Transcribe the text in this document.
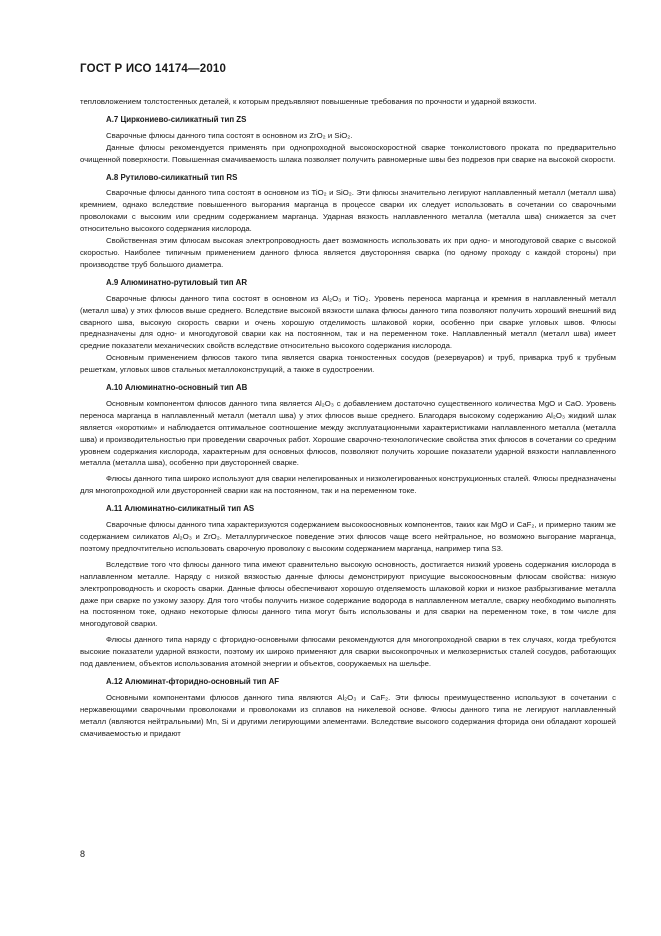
ГОСТ Р ИСО 14174—2010

тепловложением толстостенных деталей, к которым предъявляют повышенные требования по прочности и ударной вязкости.

А.7 Циркониево-силикатный тип ZS

Сварочные флюсы данного типа состоят в основном из ZrO₂ и SiO₂.

Данные флюсы рекомендуется применять при однопроходной высокоскоростной сварке тонколистового проката по предварительно очищенной поверхности. Повышенная смачиваемость шлака позволяет получить равномерные швы без подрезов при сварке на высокой скорости.

А.8 Рутилово-силикатный тип RS

Сварочные флюсы данного типа состоят в основном из TiO₂ и SiO₂. Эти флюсы значительно легируют наплавленный металл (металл шва) кремнием, однако вследствие повышенного выгорания марганца в процессе сварки их следует использовать в сочетании со сварочными проволоками с высоким или средним содержанием марганца. Ударная вязкость наплавленного металла (металла шва) снижается за счет относительно высокого содержания кислорода.

Свойственная этим флюсам высокая электропроводность дает возможность использовать их при одно- и многодуговой сварке с высокой скоростью. Наиболее типичным применением данного флюса является двусторонняя сварка (по одному проходу с каждой стороны) при производстве труб большого диаметра.

А.9 Алюминатно-рутиловый тип AR

Сварочные флюсы данного типа состоят в основном из Al₂O₃ и TiO₂. Уровень переноса марганца и кремния в наплавленный металл (металл шва) у этих флюсов выше среднего. Вследствие высокой вязкости шлака флюсы данного типа позволяют получить хороший внешний вид сварного шва, высокую скорость сварки и очень хорошую отделимость шлаковой корки, особенно при сварке угловых швов. Флюсы предназначены для одно- и многодуговой сварки как на постоянном, так и на переменном токе. Наплавленный металл (металл шва) имеет средние показатели механических свойств вследствие относительно высокого содержания кислорода.

Основным применением флюсов такого типа является сварка тонкостенных сосудов (резервуаров) и труб, приварка труб к трубным решеткам, угловых швов стальных металлоконструкций, а также в судостроении.

А.10 Алюминатно-основный тип АВ

Основным компонентом флюсов данного типа является Al₂O₃ с добавлением достаточно существенного количества MgO и CaO. Уровень переноса марганца в наплавленный металл (металл шва) у этих флюсов выше среднего. Благодаря высокому содержанию Al₂O₃ жидкий шлак является «коротким» и наблюдается оптимальное соотношение между эксплуатационными характеристиками наплавленного металла (металла шва) и производительностью при проведении сварочных работ. Хорошие сварочно-технологические свойства этих флюсов в сочетании со средним уровнем содержания кислорода, характерным для основных флюсов, позволяют получить хорошие показатели ударной вязкости наплавленного металла (металла шва), особенно при двусторонней сварке.

Флюсы данного типа широко используют для сварки нелегированных и низколегированных конструкционных сталей. Флюсы предназначены для многопроходной или двусторонней сварки как на постоянном, так и на переменном токе.

А.11 Алюминатно-силикатный тип AS

Сварочные флюсы данного типа характеризуются содержанием высокоосновных компонентов, таких как MgO и CaF₂, и примерно таким же содержанием силикатов Al₂O₃ и ZrO₂. Металлургическое поведение этих флюсов чаще всего нейтральное, но возможно выгорание марганца, поэтому предпочтительно использовать сварочную проволоку с высоким содержанием марганца, например типа S3.

Вследствие того что флюсы данного типа имеют сравнительно высокую основность, достигается низкий уровень содержания кислорода в наплавленном металле. Наряду с низкой вязкостью данные флюсы демонстрируют присущие высокоосновным флюсам свойства: низкую электропроводность и скорость сварки. Данные флюсы обеспечивают хорошую отделяемость шлаковой корки и низкое разбрызгивание металла даже при сварке по узкому зазору. Для того чтобы получить низкое содержание водорода в наплавленном металле, сварку необходимо выполнять на постоянном токе, однако некоторые флюсы данного типа могут быть использованы и для сварки на переменном токе, в том числе для многодуговой сварки.

Флюсы данного типа наряду с фторидно-основными флюсами рекомендуются для многопроходной сварки в тех случаях, когда требуются высокие показатели ударной вязкости, поэтому их широко применяют для сварки высокопрочных и мелкозернистых сталей сосудов, работающих под давлением, объектов использования атомной энергии и объектов, сооружаемых на шельфе.

А.12 Алюминат-фторидно-основный тип AF

Основными компонентами флюсов данного типа являются Al₂O₃ и CaF₂. Эти флюсы преимущественно используют в сочетании с нержавеющими сварочными проволоками и проволоками из сплавов на никелевой основе. Флюсы данного типа не легируют наплавленный металл (являются нейтральными) Mn, Si и другими легирующими элементами. Вследствие высокого содержания фторида они обладают хорошей смачиваемостью и придают

8
